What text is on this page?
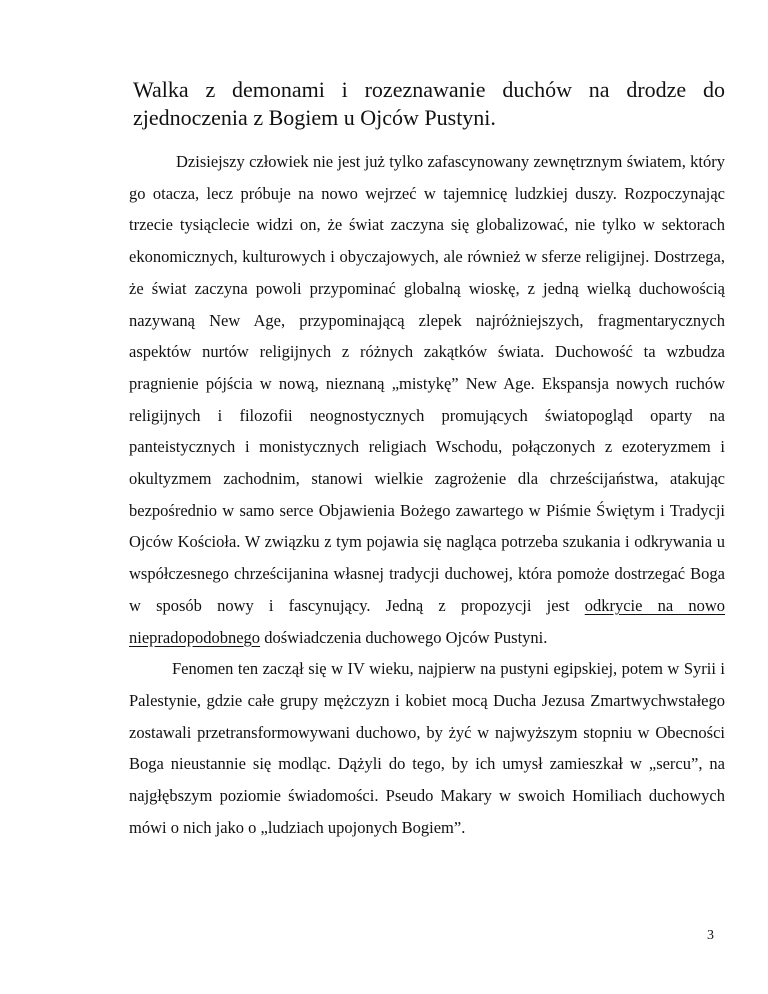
Walka z demonami i rozeznawanie duchów na drodze do zjednoczenia z Bogiem u Ojców Pustyni.

Dzisiejszy człowiek nie jest już tylko zafascynowany zewnętrznym światem, który go otacza, lecz próbuje na nowo wejrzeć w tajemnicę ludzkiej duszy. Rozpoczynając trzecie tysiąclecie widzi on, że świat zaczyna się globalizować, nie tylko w sektorach ekonomicznych, kulturowych i obyczajowych, ale również w sferze religijnej. Dostrzega, że świat zaczyna powoli przypominać globalną wioskę, z jedną wielką duchowością nazywaną New Age, przypominającą zlepek najróżniejszych, fragmentarycznych aspektów nurtów religijnych z różnych zakątków świata. Duchowość ta wzbudza pragnienie pójścia w nową, nieznaną „mistykę” New Age. Ekspansja nowych ruchów religijnych i filozofii neognostycznych promujących światopogląd oparty na panteistycznych i monistycznych religiach Wschodu, połączonych z ezoteryzmem i okultyzmem zachodnim, stanowi wielkie zagrożenie dla chrześcijaństwa, atakując bezpośrednio w samo serce Objawienia Bożego zawartego w Piśmie Świętym i Tradycji Ojców Kościoła. W związku z tym pojawia się nagląca potrzeba szukania i odkrywania u współczesnego chrześcijanina własnej tradycji duchowej, która pomoże dostrzegać Boga w sposób nowy i fascynujący. Jedną z propozycji jest odkrycie na nowo niepradopodobnego doświadczenia duchowego Ojców Pustyni.

Fenomen ten zaczął się w IV wieku, najpierw na pustyni egipskiej, potem w Syrii i Palestynie, gdzie całe grupy mężczyzn i kobiet mocą Ducha Jezusa Zmartwychwstałego zostawali przetransformowywani duchowo, by żyć w najwyższym stopniu w Obecności Boga nieustannie się modląc. Dążyli do tego, by ich umysł zamieszkał w „sercu”, na najgłębszym poziomie świadomości. Pseudo Makary w swoich Homiliach duchowych mówi o nich jako o „ludziach upojonych Bogiem”.

3
